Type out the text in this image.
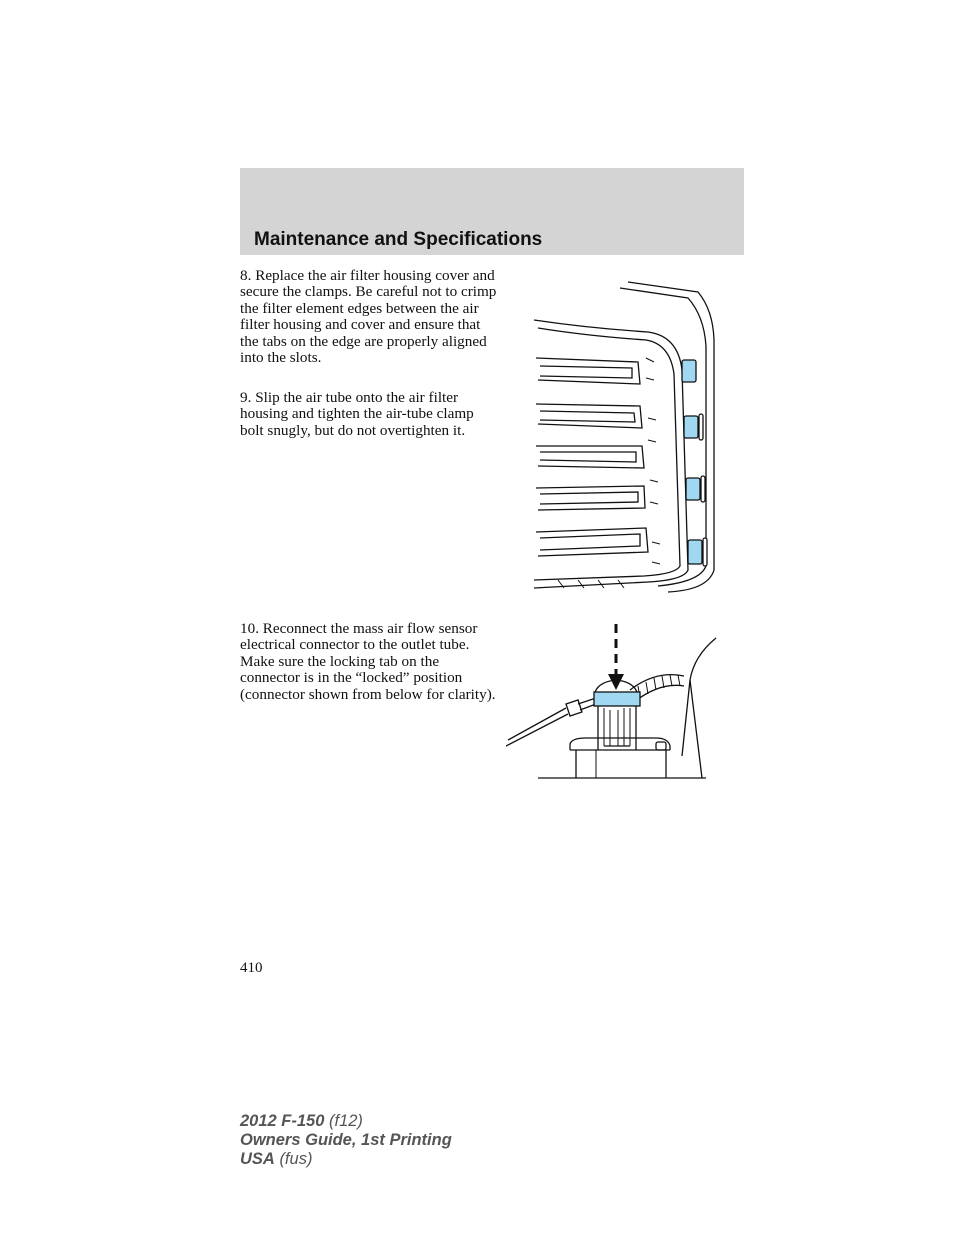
Maintenance and Specifications

8. Replace the air filter housing cover and secure the clamps. Be careful not to crimp the filter element edges between the air filter housing and cover and ensure that the tabs on the edge are properly aligned into the slots.

9. Slip the air tube onto the air filter housing and tighten the air-tube clamp bolt snugly, but do not overtighten it.

10. Reconnect the mass air flow sensor electrical connector to the outlet tube. Make sure the locking tab on the connector is in the “locked” position (connector shown from below for clarity).

410
2012 F-150 (f12)
Owners Guide, 1st Printing
USA (fus)
